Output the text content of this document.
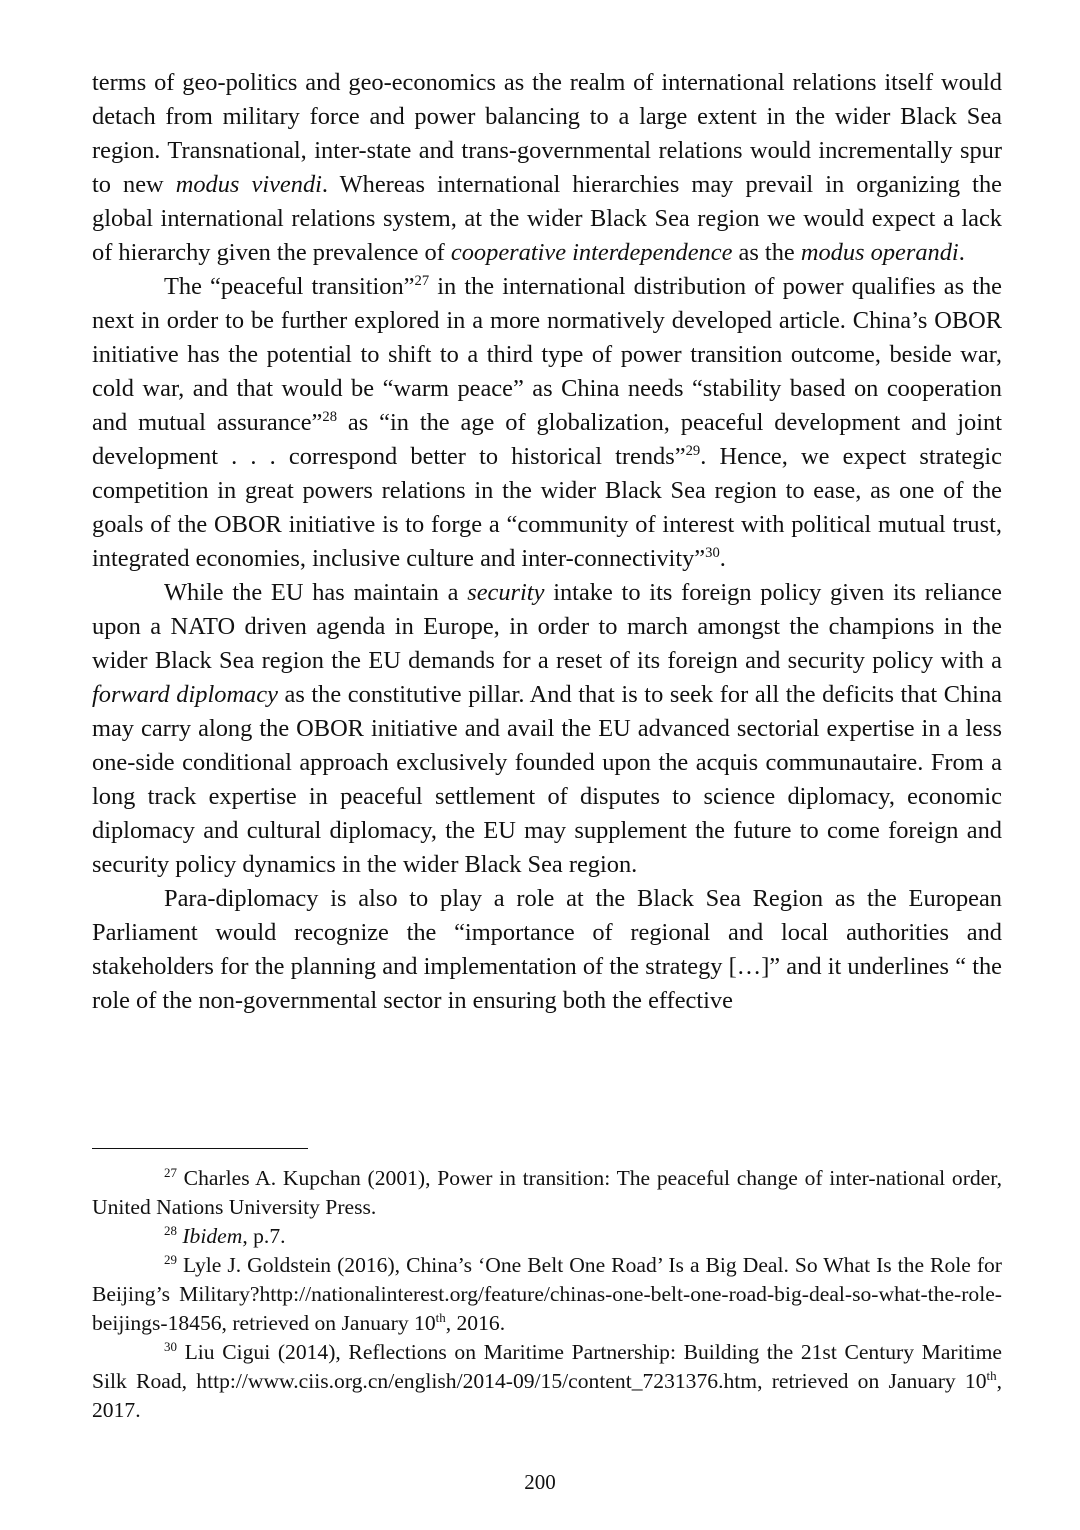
terms of geo-politics and geo-economics as the realm of international relations itself would detach from military force and power balancing to a large extent in the wider Black Sea region. Transnational, inter-state and trans-governmental relations would incrementally spur to new modus vivendi. Whereas international hierarchies may prevail in organizing the global international relations system, at the wider Black Sea region we would expect a lack of hierarchy given the prevalence of cooperative interdependence as the modus operandi.

The “peaceful transition”$^{27}$ in the international distribution of power qualifies as the next in order to be further explored in a more normatively developed article. China’s OBOR initiative has the potential to shift to a third type of power transition outcome, beside war, cold war, and that would be “warm peace” as China needs “stability based on cooperation and mutual assurance”$^{28}$ as “in the age of globalization, peaceful development and joint development . . . correspond better to historical trends”$^{29}$. Hence, we expect strategic competition in great powers relations in the wider Black Sea region to ease, as one of the goals of the OBOR initiative is to forge a “community of interest with political mutual trust, integrated economies, inclusive culture and inter-connectivity”$^{30}$.

While the EU has maintain a security intake to its foreign policy given its reliance upon a NATO driven agenda in Europe, in order to march amongst the champions in the wider Black Sea region the EU demands for a reset of its foreign and security policy with a forward diplomacy as the constitutive pillar. And that is to seek for all the deficits that China may carry along the OBOR initiative and avail the EU advanced sectorial expertise in a less one-side conditional approach exclusively founded upon the acquis communautaire. From a long track expertise in peaceful settlement of disputes to science diplomacy, economic diplomacy and cultural diplomacy, the EU may supplement the future to come foreign and security policy dynamics in the wider Black Sea region.

Para-diplomacy is also to play a role at the Black Sea Region as the European Parliament would recognize the “importance of regional and local authorities and stakeholders for the planning and implementation of the strategy […]” and it underlines “ the role of the non-governmental sector in ensuring both the effective

$^{27}$ Charles A. Kupchan (2001), Power in transition: The peaceful change of inter-national order, United Nations University Press.

$^{28}$ Ibidem, p.7.

$^{29}$ Lyle J. Goldstein (2016), China’s ‘One Belt One Road’ Is a Big Deal. So What Is the Role for Beijing’s Military?http://nationalinterest.org/feature/chinas-one-belt-one-road-big-deal-so-what-the-role-beijings-18456, retrieved on January 10th, 2016.

$^{30}$ Liu Cigui (2014), Reflections on Maritime Partnership: Building the 21st Century Maritime Silk Road, http://www.ciis.org.cn/english/2014-09/15/content_7231376.htm, retrieved on January 10th, 2017.

200
